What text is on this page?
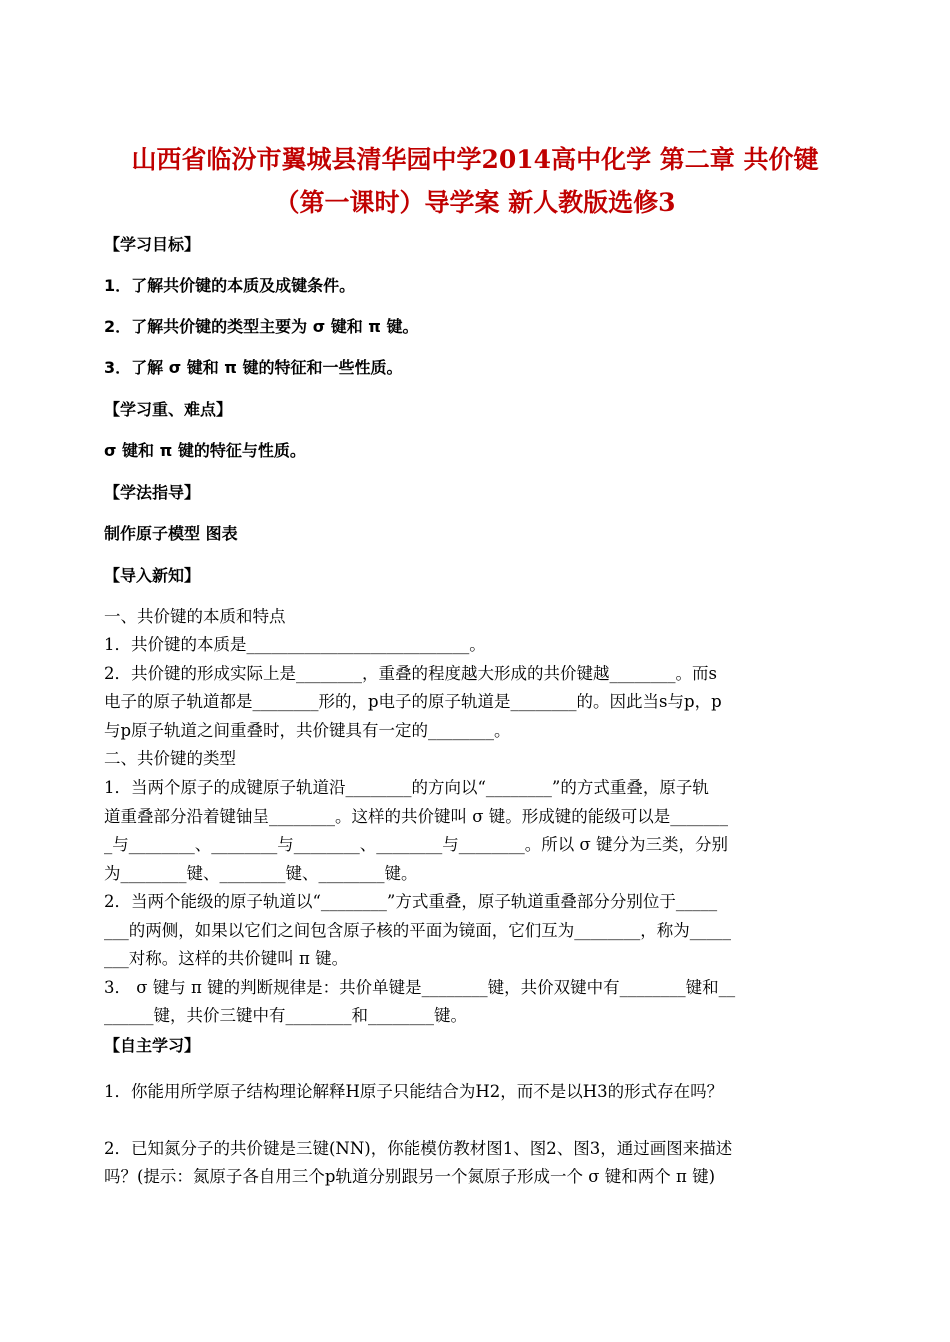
山西省临汾市翼城县清华园中学2014高中化学 第二章 共价键
（第一课时）导学案 新人教版选修3
【学习目标】
1．了解共价键的本质及成键条件。
2．了解共价键的类型主要为 σ 键和 π 键。
3．了解 σ 键和 π 键的特征和一些性质。
【学习重、难点】
σ 键和 π 键的特征与性质。
【学法指导】
制作原子模型 图表
【导入新知】
一、共价键的本质和特点
1．共价键的本质是___________________________。
2．共价键的形成实际上是________，重叠的程度越大形成的共价键越________。而s
电子的原子轨道都是________形的，p电子的原子轨道是________的。因此当s与p，p
与p原子轨道之间重叠时，共价键具有一定的________。
二、共价键的类型
1．当两个原子的成键原子轨道沿________的方向以“________”的方式重叠，原子轨
道重叠部分沿着键铀呈________。这样的共价键叫 σ 键。形成键的能级可以是_______
_与________、________与________、________与________。所以 σ 键分为三类，分别
为________键、________键、________键。
2．当两个能级的原子轨道以“________”方式重叠，原子轨道重叠部分分别位于_____
___的两侧，如果以它们之间包含原子核的平面为镜面，它们互为________，称为_____
___对称。这样的共价键叫 π 键。
3． σ 键与 π 键的判断规律是：共价单键是________键，共价双键中有________键和__
______键，共价三键中有________和________键。
【自主学习】
1．你能用所学原子结构理论解释H原子只能结合为H2，而不是以H3的形式存在吗？
2．已知氮分子的共价键是三键(NN)，你能模仿教材图1、图2、图3，通过画图来描述
吗？(提示：氮原子各自用三个p轨道分别跟另一个氮原子形成一个 σ 键和两个 π 键)
